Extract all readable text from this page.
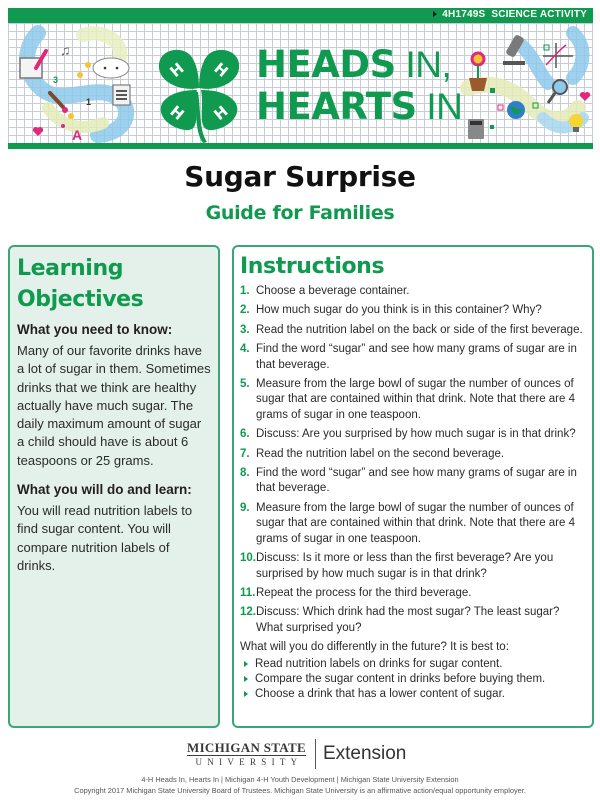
4H1749S SCIENCE ACTIVITY
♫
3
1
A
H H
H H
HEADS IN,
HEARTS IN
Sugar Surprise
Guide for Families
Learning
Objectives
What you need to know:

Many of our favorite drinks have a lot of sugar in them. Sometimes drinks that we think are healthy actually have much sugar. The daily maximum amount of sugar a child should have is about 6 teaspoons or 25 grams.

What you will do and learn:

You will read nutrition labels to find sugar content. You will compare nutrition labels of drinks.

Instructions
1. Choose a beverage container.
2. How much sugar do you think is in this container? Why?
3. Read the nutrition label on the back or side of the first beverage.
4. Find the word “sugar” and see how many grams of sugar are in that beverage.
5. Measure from the large bowl of sugar the number of ounces of sugar that are contained within that drink. Note that there are 4 grams of sugar in one teaspoon.
6. Discuss: Are you surprised by how much sugar is in that drink?
7. Read the nutrition label on the second beverage.
8. Find the word “sugar” and see how many grams of sugar are in that beverage.
9. Measure from the large bowl of sugar the number of ounces of sugar that are contained within that drink. Note that there are 4 grams of sugar in one teaspoon.
10. Discuss: Is it more or less than the first beverage? Are you surprised by how much sugar is in that drink?
11. Repeat the process for the third beverage.
12. Discuss: Which drink had the most sugar? The least sugar? What surprised you?

What will you do differently in the future? It is best to:

Read nutrition labels on drinks for sugar content.
Compare the sugar content in drinks before buying them.
Choose a drink that has a lower content of sugar.
MICHIGAN STATE
UNIVERSITY Extension
4-H Heads In, Hearts In | Michigan 4-H Youth Development | Michigan State University Extension
Copyright 2017 Michigan State University Board of Trustees. Michigan State University is an affirmative action/equal opportunity employer.
